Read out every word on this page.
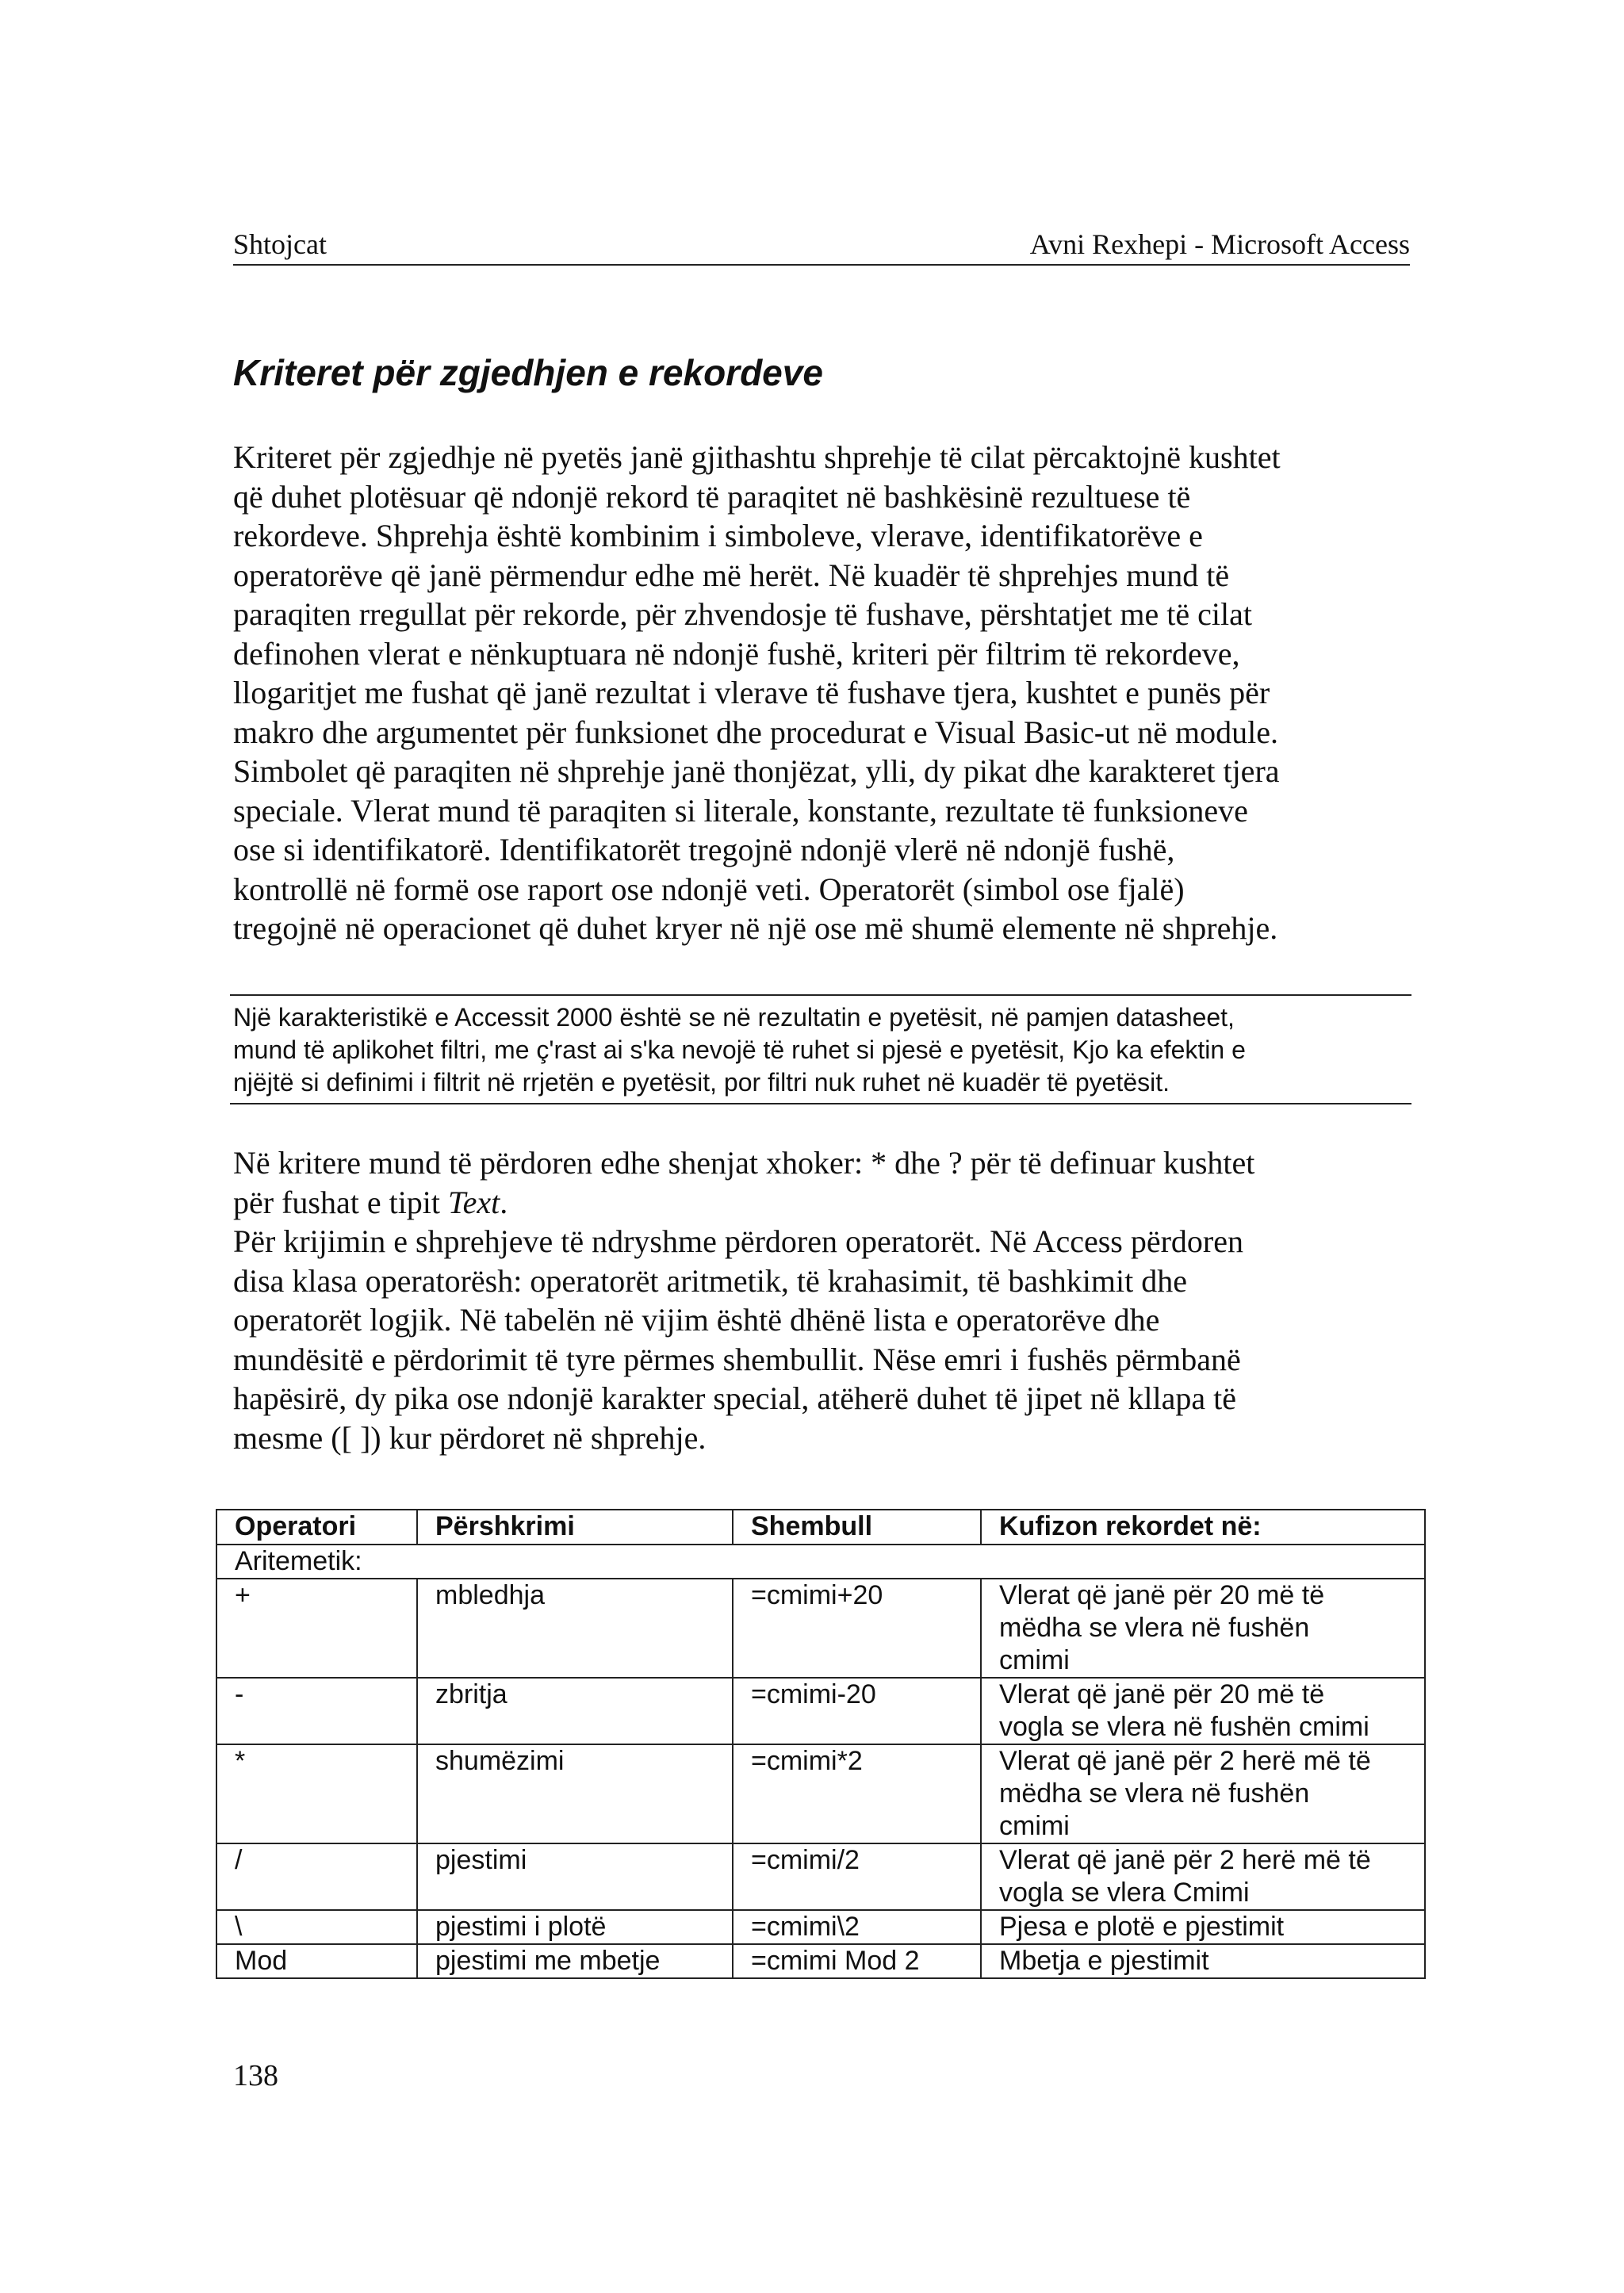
Shtojcat	Avni Rexhepi - Microsoft Access
Kriteret për zgjedhjen e rekordeve
Kriteret për zgjedhje në pyetës janë gjithashtu shprehje të cilat përcaktojnë kushtet
që duhet plotësuar që ndonjë rekord të paraqitet në bashkësinë rezultuese të
rekordeve. Shprehja është kombinim i simboleve, vlerave, identifikatorëve e
operatorëve që janë përmendur edhe më herët. Në kuadër të shprehjes mund të
paraqiten rregullat për rekorde, për zhvendosje të fushave, përshtatjet me të cilat
definohen vlerat e nënkuptuara në ndonjë fushë, kriteri për filtrim të rekordeve,
llogaritjet me fushat që janë rezultat i vlerave të fushave tjera, kushtet e punës për
makro dhe argumentet për funksionet dhe procedurat e Visual Basic-ut në module.
Simbolet që paraqiten në shprehje janë thonjëzat, ylli, dy pikat dhe karakteret tjera
speciale. Vlerat mund të paraqiten si literale, konstante, rezultate të funksioneve
ose si identifikatorë. Identifikatorët tregojnë ndonjë vlerë në ndonjë fushë,
kontrollë në formë ose raport ose ndonjë veti. Operatorët (simbol ose fjalë)
tregojnë në operacionet që duhet kryer në një ose më shumë elemente në shprehje.
Një karakteristikë e Accessit 2000 është se në rezultatin e pyetësit, në pamjen datasheet,
mund të aplikohet filtri, me ç'rast ai s'ka nevojë të ruhet si pjesë e pyetësit, Kjo ka efektin e
njëjtë si definimi i filtrit në rrjetën e pyetësit, por filtri nuk ruhet në kuadër të pyetësit.
Në kritere mund të përdoren edhe shenjat xhoker: * dhe ? për të definuar kushtet
për fushat e tipit Text.
Për krijimin e shprehjeve të ndryshme përdoren operatorët. Në Access përdoren
disa klasa operatorësh: operatorët aritmetik, të krahasimit, të bashkimit dhe
operatorët logjik. Në tabelën në vijim është dhënë lista e operatorëve dhe
mundësitë e përdorimit të tyre përmes shembullit. Nëse emri i fushës përmbanë
hapësirë, dy pika ose ndonjë karakter special, atëherë duhet të jipet në kllapa të
mesme ([ ]) kur përdoret në shprehje.
Operatori	Përshkrimi	Shembull	Kufizon rekordet në:
Aritemetik:			
+	mbledhja	=cmimi+20	Vlerat që janë për 20 më të
mëdha se vlera në fushën
cmimi

-	zbritja	=cmimi-20	Vlerat që janë për 20 më të
vogla se vlera në fushën cmimi

*	shumëzimi	=cmimi*2	Vlerat që janë për 2 herë më të
mëdha se vlera në fushën
cmimi

/	pjestimi	=cmimi/2	Vlerat që janë për 2 herë më të
vogla se vlera Cmimi

\	pjestimi i plotë	=cmimi\2	Pjesa e plotë e pjestimit

Mod	pjestimi me mbetje	=cmimi Mod 2	Mbetja e pjestimit
138
